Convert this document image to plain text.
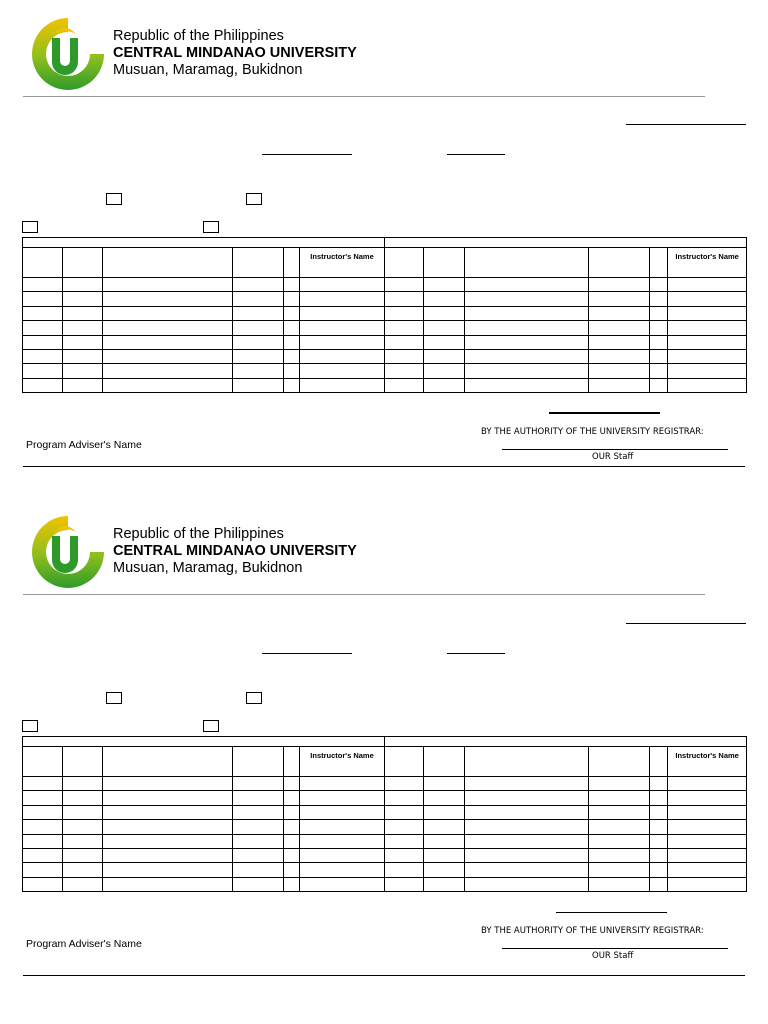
Republic of the Philippines
CENTRAL MINDANAO UNIVERSITY
Musuan, Maramag, Bukidnon

					Instructor's Name						Instructor's Name

BY THE AUTHORITY OF THE UNIVERSITY REGISTRAR:
Program Adviser's Name
OUR Staff
Republic of the Philippines
CENTRAL MINDANAO UNIVERSITY
Musuan, Maramag, Bukidnon

					Instructor's Name						Instructor's Name

BY THE AUTHORITY OF THE UNIVERSITY REGISTRAR:
Program Adviser's Name
OUR Staff
